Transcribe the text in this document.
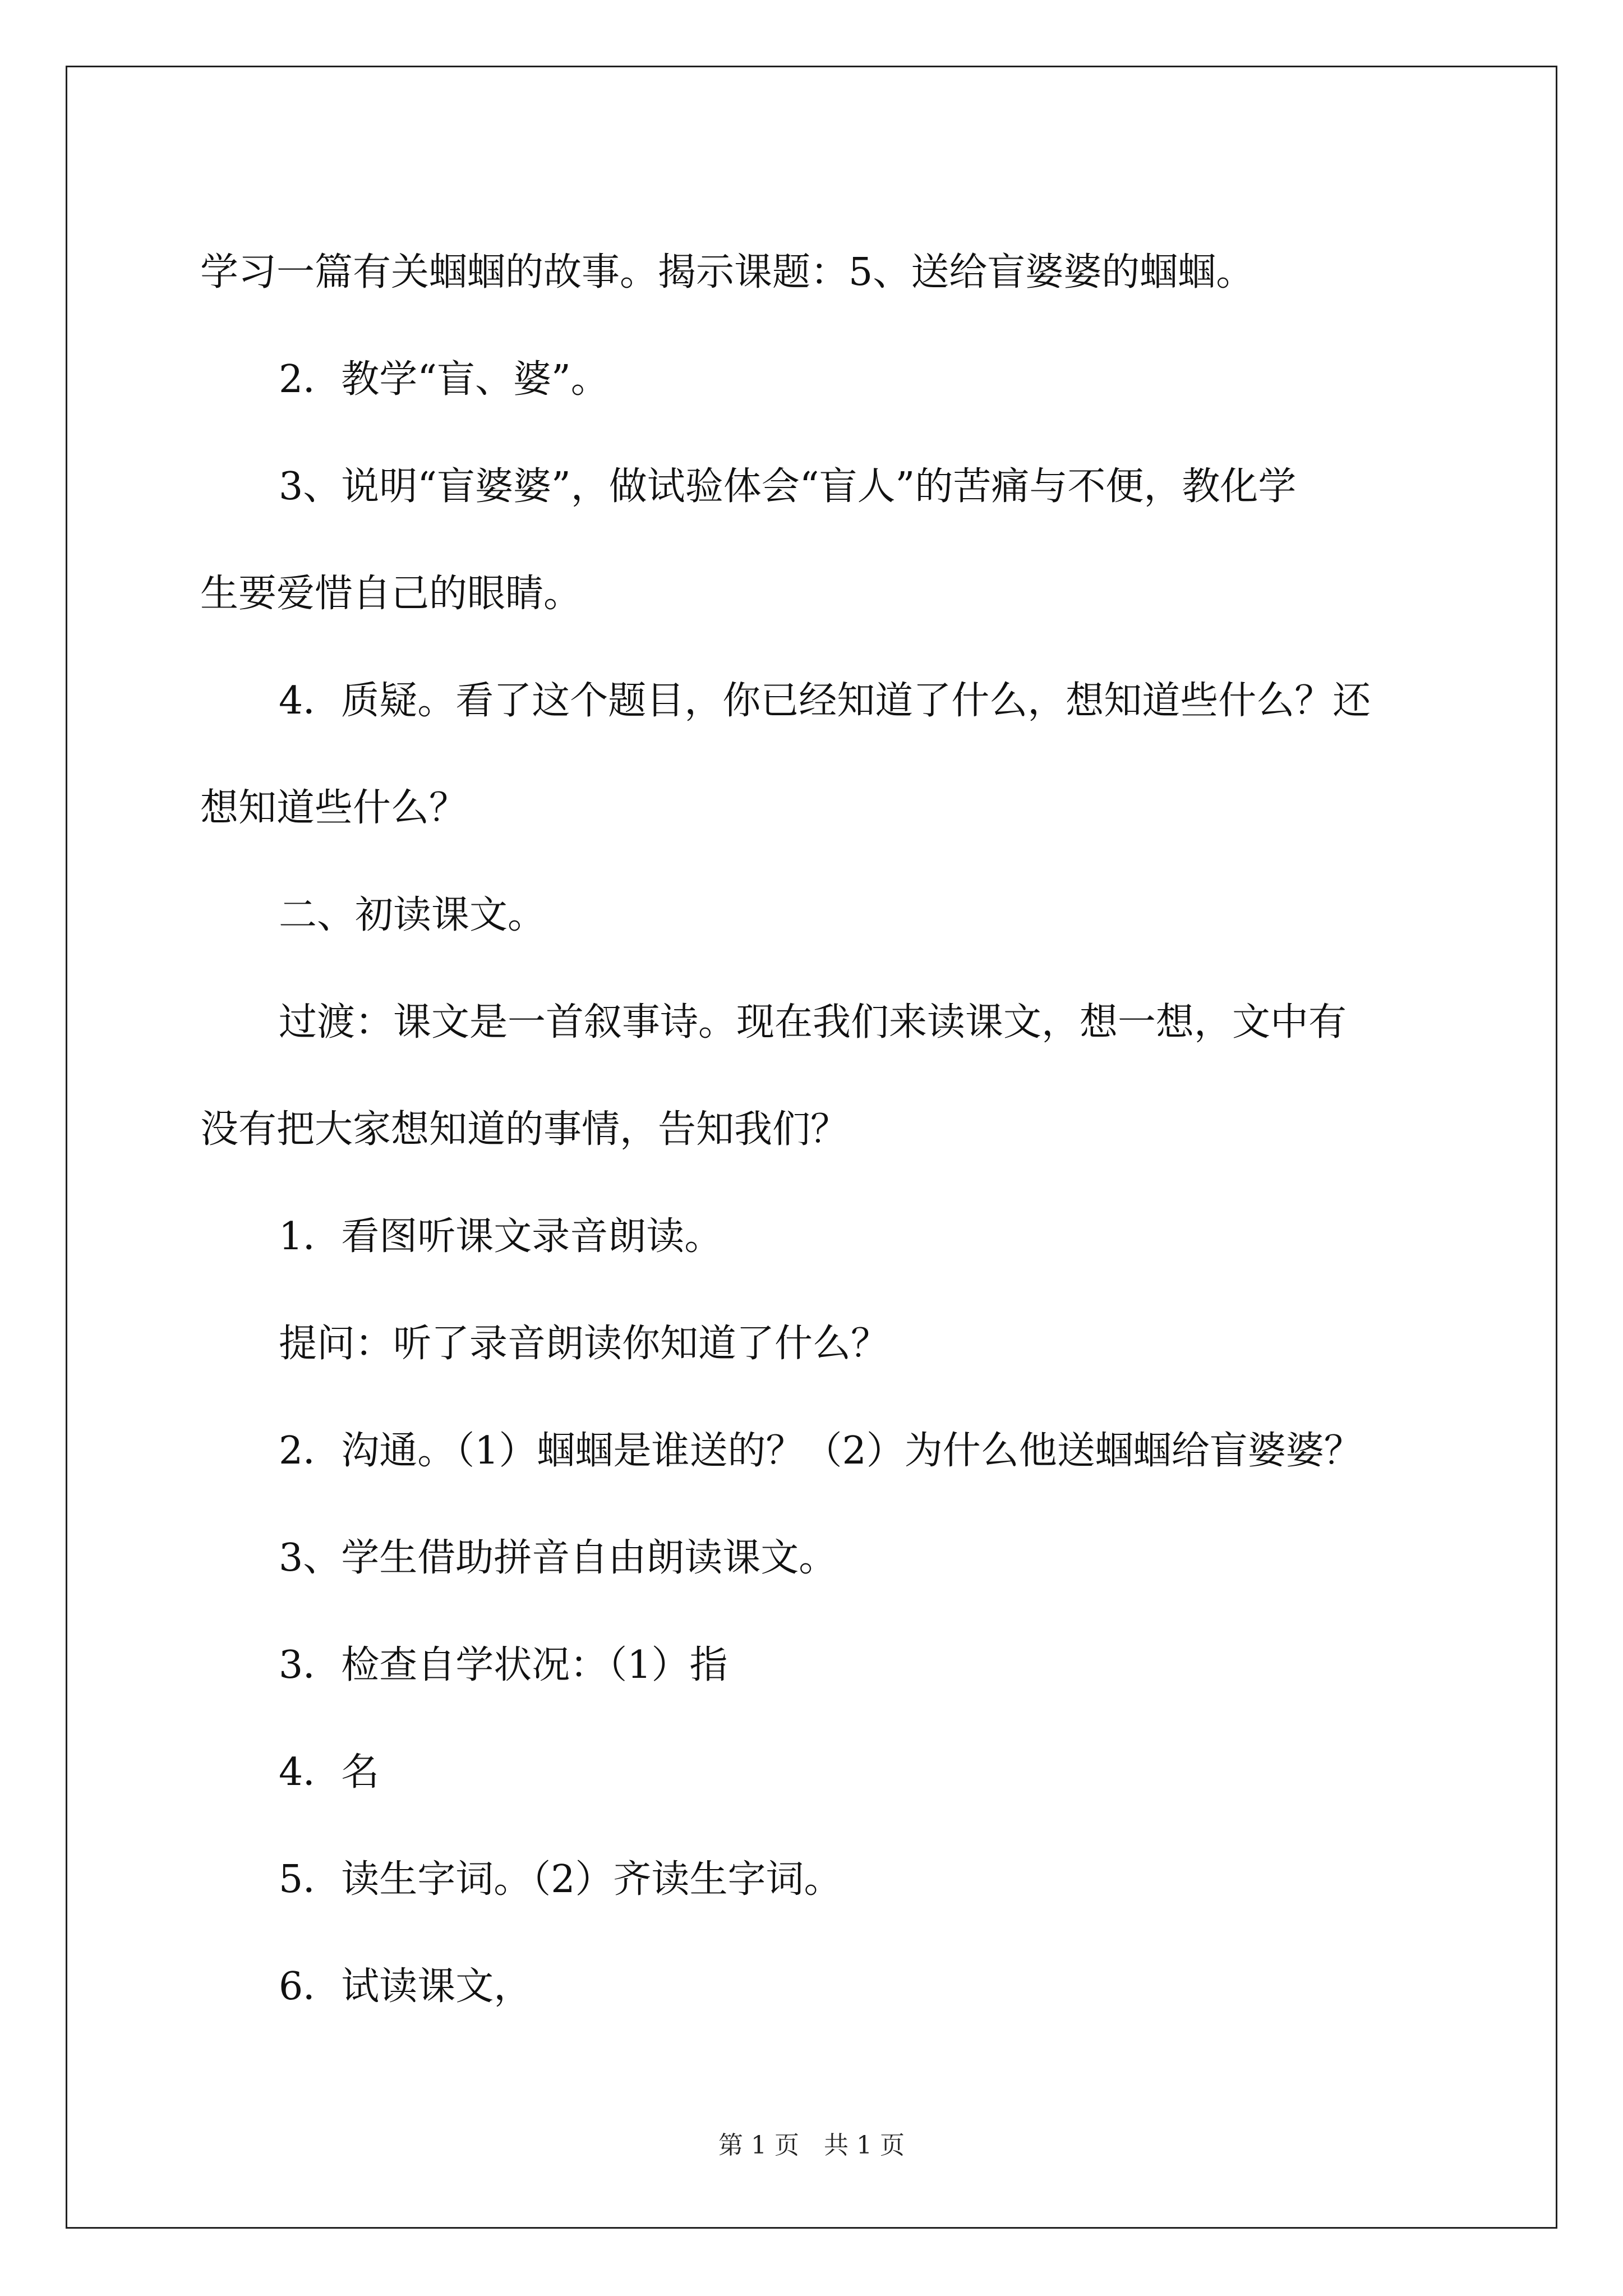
学习一篇有关蝈蝈的故事。揭示课题：5、送给盲婆婆的蝈蝈。

2．教学“盲、婆”。

3、说明“盲婆婆”，做试验体会“盲人”的苦痛与不便，教化学

生要爱惜自己的眼睛。

4．质疑。看了这个题目，你已经知道了什么，想知道些什么？还

想知道些什么？

二、初读课文。

过渡：课文是一首叙事诗。现在我们来读课文，想一想，文中有

没有把大家想知道的事情，告知我们？

1．看图听课文录音朗读。

提问：听了录音朗读你知道了什么？

2．沟通。（1）蝈蝈是谁送的？（2）为什么他送蝈蝈给盲婆婆？

3、学生借助拼音自由朗读课文。

3．检查自学状况：（1）指

4．名

5．读生字词。（2）齐读生字词。

6．试读课文，

第 1 页　共 1 页
